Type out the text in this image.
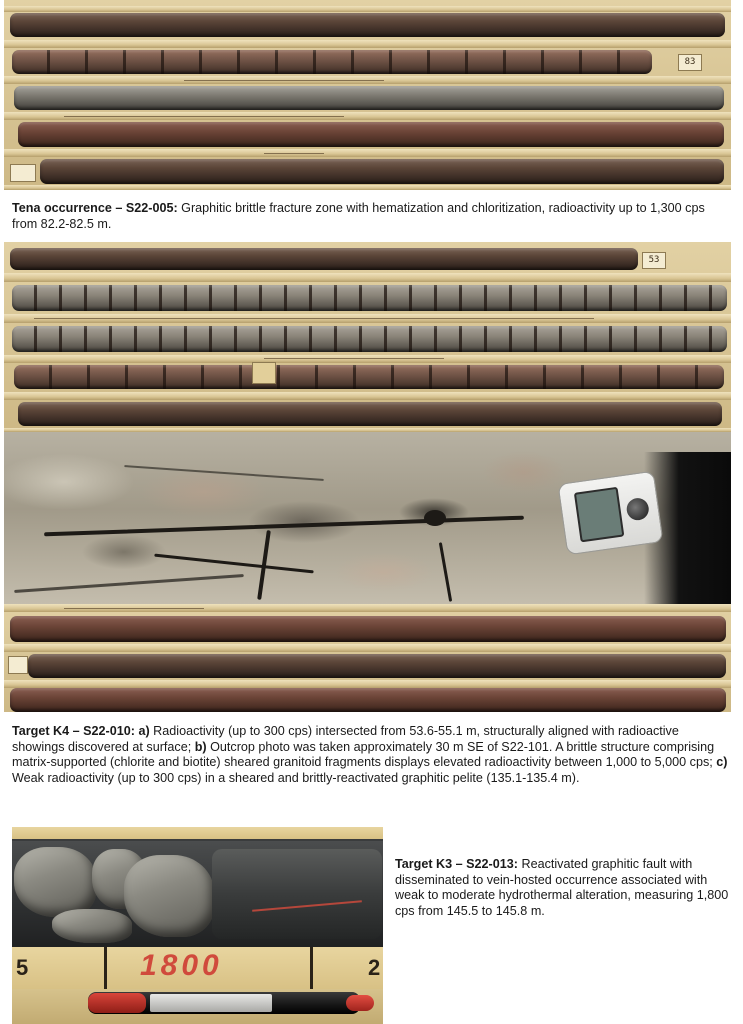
83
Tena occurrence – S22-005: Graphitic brittle fracture zone with hematization and chloritization, radioactivity up to 1,300 cps from 82.2-82.5 m.
53
Target K4 – S22-010: a) Radioactivity (up to 300 cps) intersected from 53.6-55.1 m, structurally aligned with radioactive showings discovered at surface; b) Outcrop photo was taken approximately 30 m SE of S22-101. A brittle structure comprising matrix-supported (chlorite and biotite) sheared granitoid fragments displays elevated radioactivity between 1,000 to 5,000 cps; c) Weak radioactivity (up to 300 cps) in a sheared and brittly-reactivated graphitic pelite (135.1-135.4 m).
1800
5	2
Target K3 – S22-013: Reactivated graphitic fault with disseminated to vein-hosted occurrence associated with weak to moderate hydrothermal alteration, measuring 1,800 cps from 145.5 to 145.8 m.
